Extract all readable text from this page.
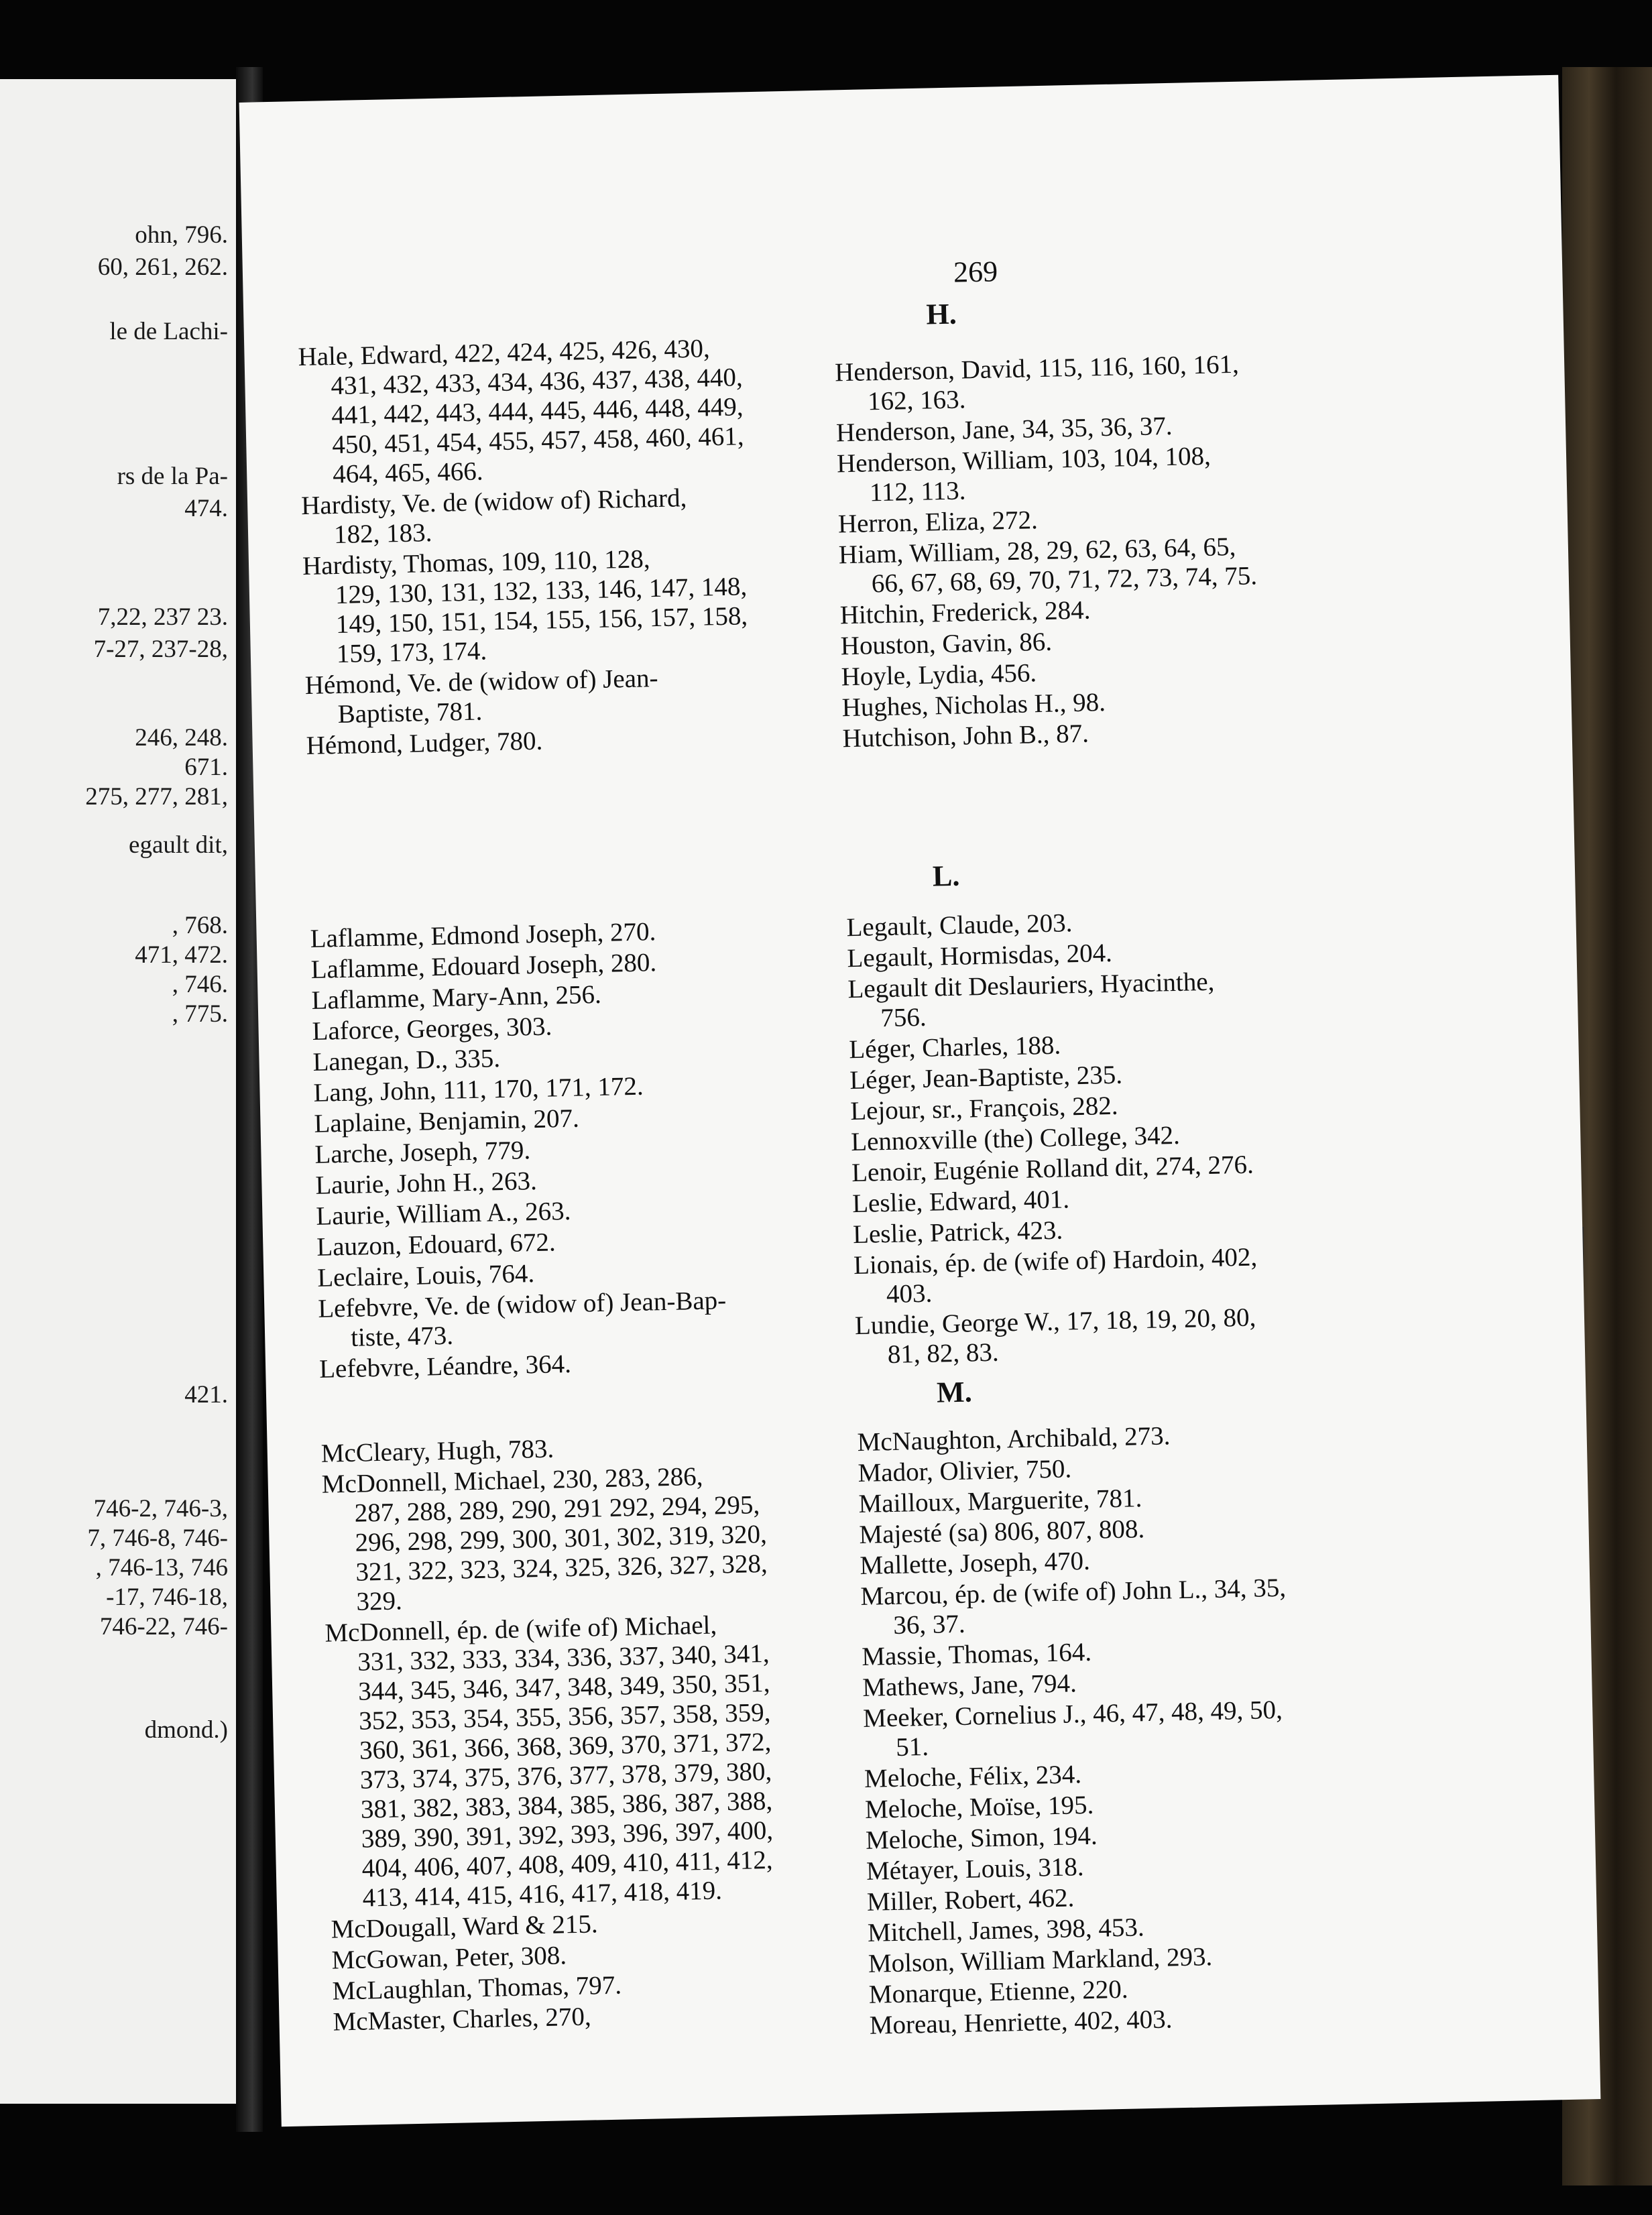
ohn, 796.
60, 261, 262.
le de Lachi-
rs de la Pa-
474.
7,22, 237 23.
7-27, 237-28,
246, 248.
671.
275, 277, 281,
egault dit,
, 768.
471, 472.
, 746.
, 775.
421.
746-2, 746-3,
7, 746-8, 746-
, 746-13, 746
-17, 746-18,
746-22, 746-
dmond.)
269
H.
Hale, Edward, 422, 424, 425, 426, 430,
431, 432, 433, 434, 436, 437, 438, 440,
441, 442, 443, 444, 445, 446, 448, 449,
450, 451, 454, 455, 457, 458, 460, 461,
464, 465, 466.
Hardisty, Ve. de (widow of) Richard,
182, 183.
Hardisty, Thomas, 109, 110, 128,
129, 130, 131, 132, 133, 146, 147, 148,
149, 150, 151, 154, 155, 156, 157, 158,
159, 173, 174.
Hémond, Ve. de (widow of) Jean-
Baptiste, 781.
Hémond, Ludger, 780.
Henderson, David, 115, 116, 160, 161,
162, 163.
Henderson, Jane, 34, 35, 36, 37.
Henderson, William, 103, 104, 108,
112, 113.
Herron, Eliza, 272.
Hiam, William, 28, 29, 62, 63, 64, 65,
66, 67, 68, 69, 70, 71, 72, 73, 74, 75.
Hitchin, Frederick, 284.
Houston, Gavin, 86.
Hoyle, Lydia, 456.
Hughes, Nicholas H., 98.
Hutchison, John B., 87.
L.
Laflamme, Edmond Joseph, 270.
Laflamme, Edouard Joseph, 280.
Laflamme, Mary-Ann, 256.
Laforce, Georges, 303.
Lanegan, D., 335.
Lang, John, 111, 170, 171, 172.
Laplaine, Benjamin, 207.
Larche, Joseph, 779.
Laurie, John H., 263.
Laurie, William A., 263.
Lauzon, Edouard, 672.
Leclaire, Louis, 764.
Lefebvre, Ve. de (widow of) Jean-Bap-
tiste, 473.
Lefebvre, Léandre, 364.
Legault, Claude, 203.
Legault, Hormisdas, 204.
Legault dit Deslauriers, Hyacinthe,
756.
Léger, Charles, 188.
Léger, Jean-Baptiste, 235.
Lejour, sr., François, 282.
Lennoxville (the) College, 342.
Lenoir, Eugénie Rolland dit, 274, 276.
Leslie, Edward, 401.
Leslie, Patrick, 423.
Lionais, ép. de (wife of) Hardoin, 402,
403.
Lundie, George W., 17, 18, 19, 20, 80,
81, 82, 83.
M.
McCleary, Hugh, 783.
McDonnell, Michael, 230, 283, 286,
287, 288, 289, 290, 291 292, 294, 295,
296, 298, 299, 300, 301, 302, 319, 320,
321, 322, 323, 324, 325, 326, 327, 328,
329.
McDonnell, ép. de (wife of) Michael,
331, 332, 333, 334, 336, 337, 340, 341,
344, 345, 346, 347, 348, 349, 350, 351,
352, 353, 354, 355, 356, 357, 358, 359,
360, 361, 366, 368, 369, 370, 371, 372,
373, 374, 375, 376, 377, 378, 379, 380,
381, 382, 383, 384, 385, 386, 387, 388,
389, 390, 391, 392, 393, 396, 397, 400,
404, 406, 407, 408, 409, 410, 411, 412,
413, 414, 415, 416, 417, 418, 419.
McDougall, Ward & 215.
McGowan, Peter, 308.
McLaughlan, Thomas, 797.
McMaster, Charles, 270,
McNaughton, Archibald, 273.
Mador, Olivier, 750.
Mailloux, Marguerite, 781.
Majesté (sa) 806, 807, 808.
Mallette, Joseph, 470.
Marcou, ép. de (wife of) John L., 34, 35,
36, 37.
Massie, Thomas, 164.
Mathews, Jane, 794.
Meeker, Cornelius J., 46, 47, 48, 49, 50,
51.
Meloche, Félix, 234.
Meloche, Moïse, 195.
Meloche, Simon, 194.
Métayer, Louis, 318.
Miller, Robert, 462.
Mitchell, James, 398, 453.
Molson, William Markland, 293.
Monarque, Etienne, 220.
Moreau, Henriette, 402, 403.
